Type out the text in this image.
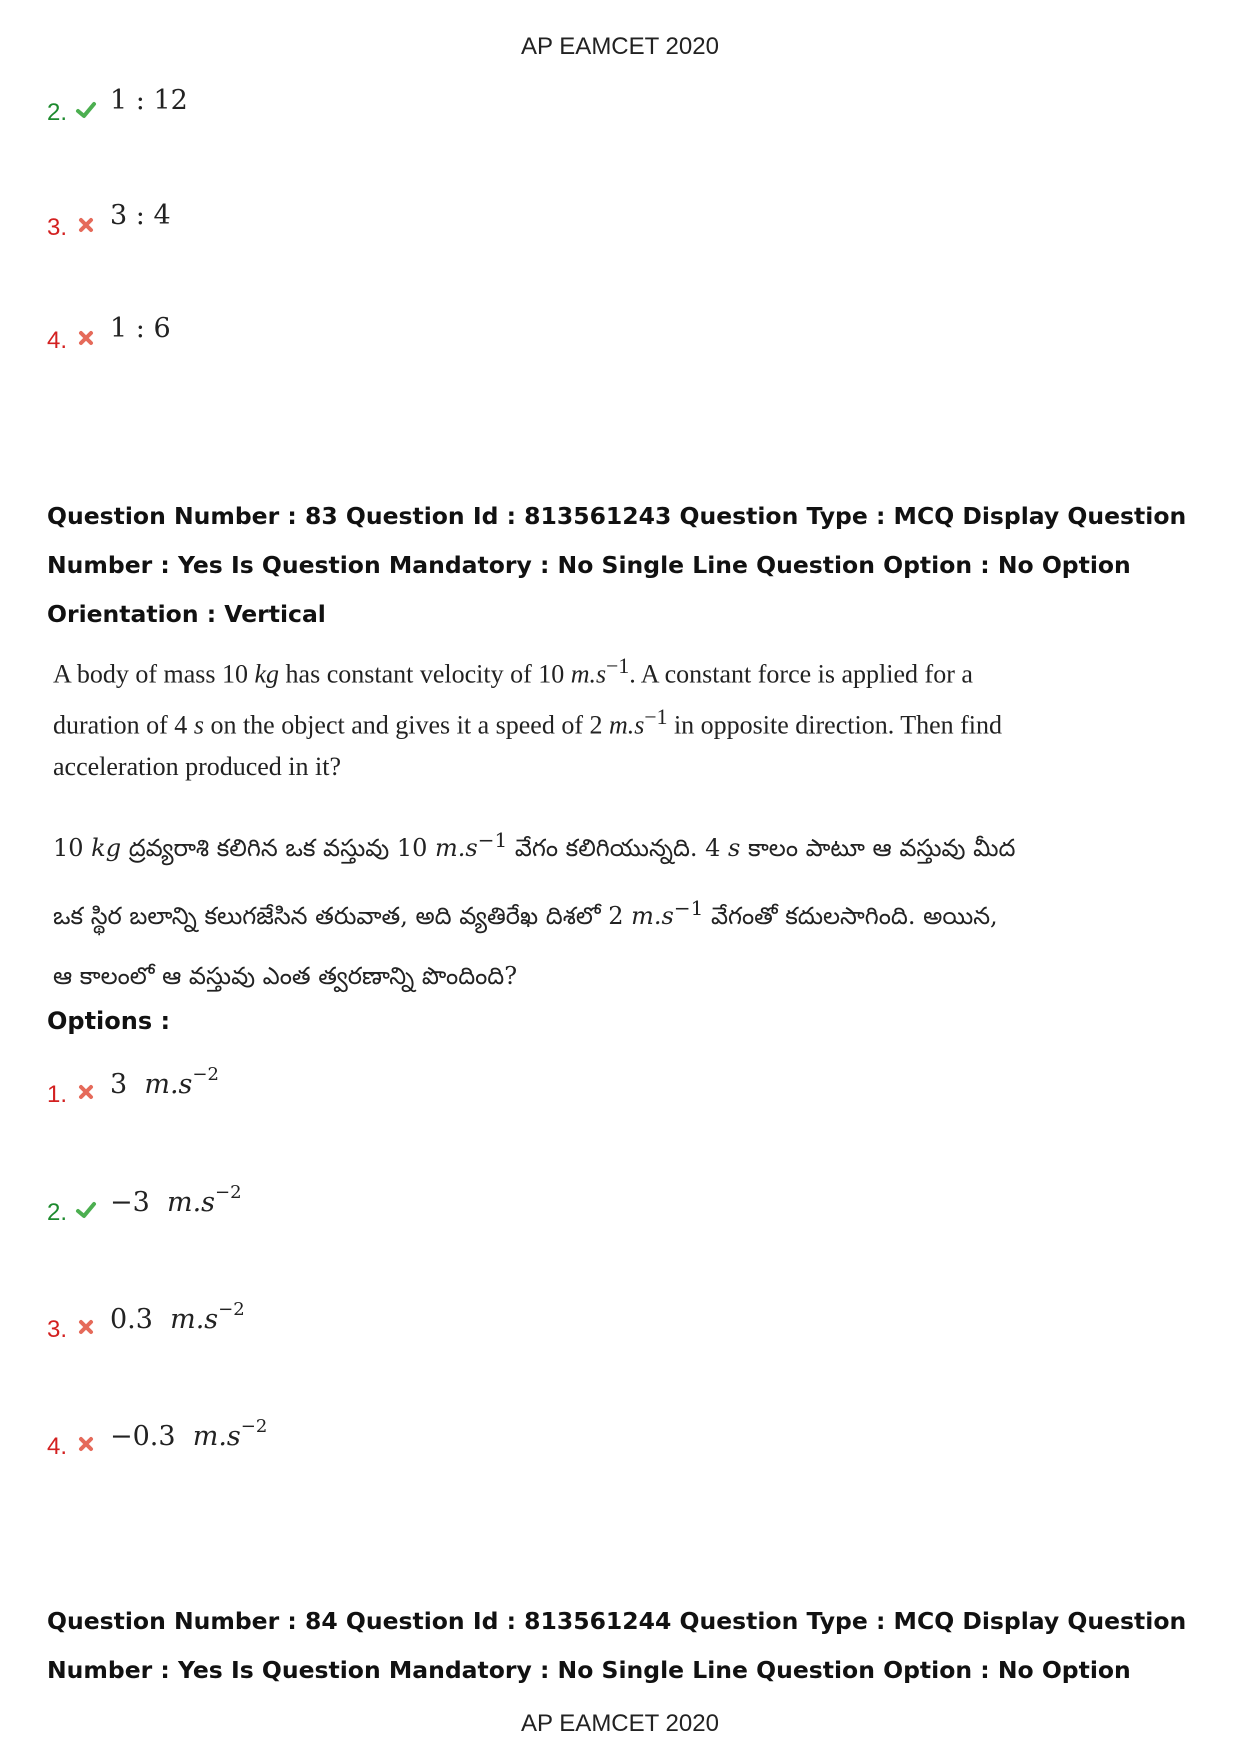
AP EAMCET 2020
2. 1 : 12
3. 3 : 4
4. 1 : 6
Question Number : 83 Question Id : 813561243 Question Type : MCQ Display Question
Number : Yes Is Question Mandatory : No Single Line Question Option : No Option
Orientation : Vertical
A body of mass 10 kg has constant velocity of 10 $m.s^{-1}$. A constant force is applied for a
duration of 4 s on the object and gives it a speed of 2 $m.s^{-1}$ in opposite direction. Then find
acceleration produced in it?
10 kg ద్రవ్యరాశి కలిగిన ఒక వస్తువు 10 $m.s^{-1}$ వేగం కలిగియున్నది. 4 s కాలం పాటూ ఆ వస్తువు మీద
ఒక స్థిర బలాన్ని కలుగజేసిన తరువాత, అది వ్యతిరేఖ దిశలో 2 $m.s^{-1}$ వేగంతో కదులసాగింది. అయిన,
ఆ కాలంలో ఆ వస్తువు ఎంత త్వరణాన్ని పొందింది?
Options :
1. 3 $m.s^{-2}$
2. −3 $m.s^{-2}$
3. 0.3 $m.s^{-2}$
4. −0.3 $m.s^{-2}$
Question Number : 84 Question Id : 813561244 Question Type : MCQ Display Question
Number : Yes Is Question Mandatory : No Single Line Question Option : No Option
AP EAMCET 2020
